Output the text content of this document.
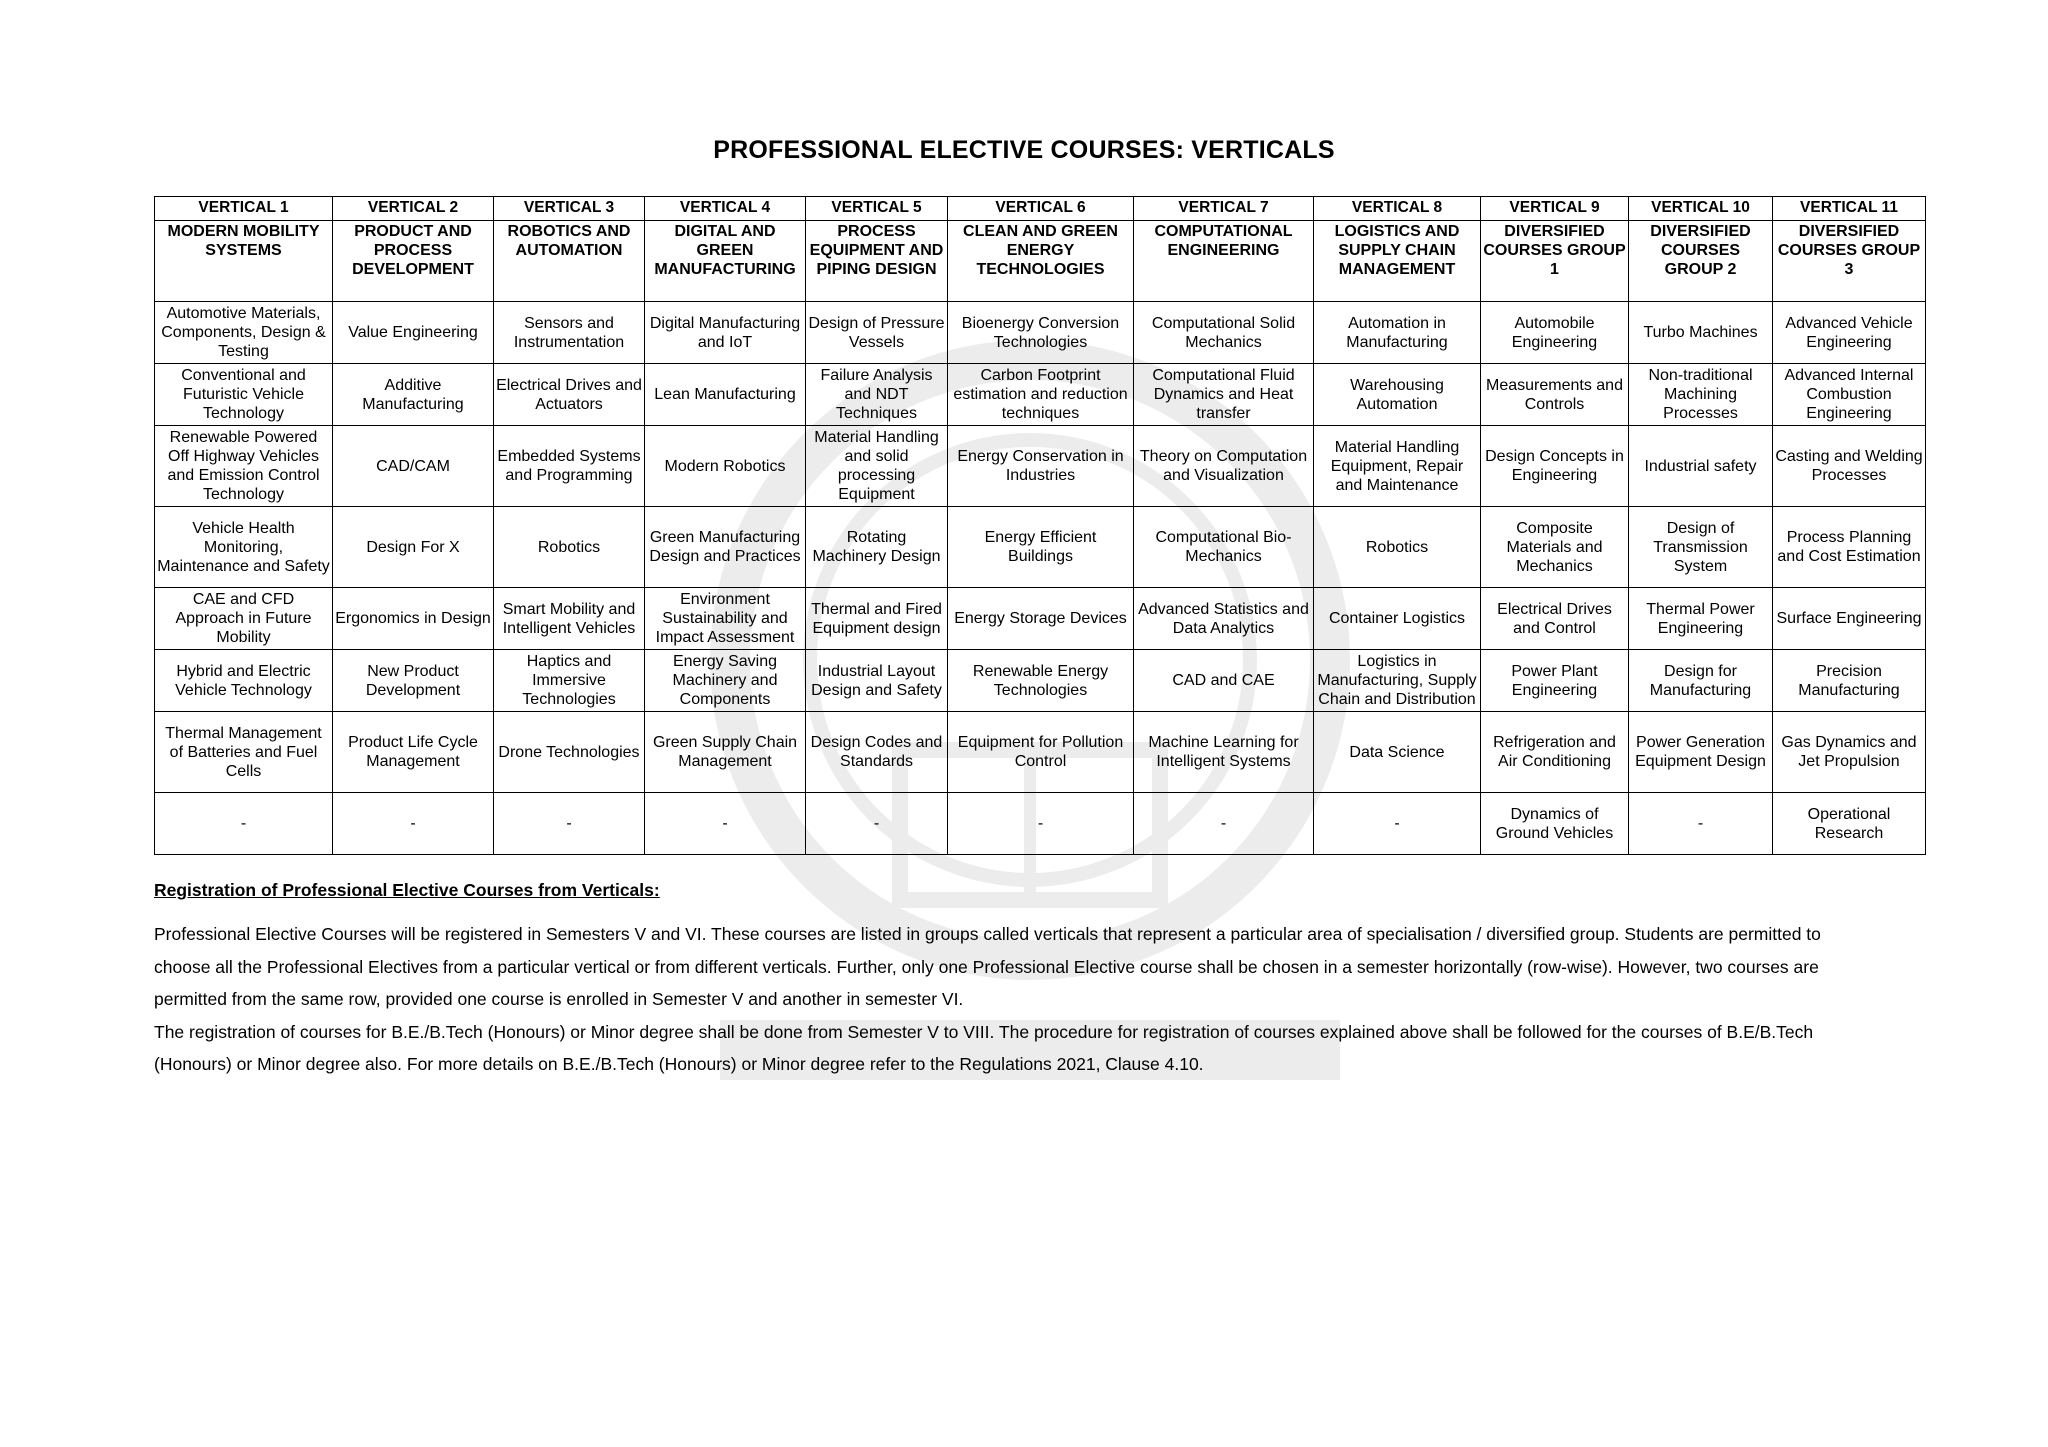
PROFESSIONAL ELECTIVE COURSES: VERTICALS
VERTICAL 1	VERTICAL 2	VERTICAL 3	VERTICAL 4	VERTICAL 5	VERTICAL 6	VERTICAL 7	VERTICAL 8	VERTICAL 9	VERTICAL 10	VERTICAL 11
MODERN MOBILITY SYSTEMS	PRODUCT AND PROCESS DEVELOPMENT	ROBOTICS AND AUTOMATION	DIGITAL AND GREEN MANUFACTURING	PROCESS EQUIPMENT AND PIPING DESIGN	CLEAN AND GREEN ENERGY TECHNOLOGIES	COMPUTATIONAL ENGINEERING	LOGISTICS AND SUPPLY CHAIN MANAGEMENT	DIVERSIFIED COURSES GROUP 1	DIVERSIFIED COURSES GROUP 2	DIVERSIFIED COURSES GROUP 3
Automotive Materials, Components, Design & Testing	Value Engineering	Sensors and Instrumentation	Digital Manufacturing and IoT	Design of Pressure Vessels	Bioenergy Conversion Technologies	Computational Solid Mechanics	Automation in Manufacturing	Automobile Engineering	Turbo Machines	Advanced Vehicle Engineering
Conventional and Futuristic Vehicle Technology	Additive Manufacturing	Electrical Drives and Actuators	Lean Manufacturing	Failure Analysis and NDT Techniques	Carbon Footprint estimation and reduction techniques	Computational Fluid Dynamics and Heat transfer	Warehousing Automation	Measurements and Controls	Non-traditional Machining Processes	Advanced Internal Combustion Engineering
Renewable Powered Off Highway Vehicles and Emission Control Technology	CAD/CAM	Embedded Systems and Programming	Modern Robotics	Material Handling and solid processing Equipment	Energy Conservation in Industries	Theory on Computation and Visualization	Material Handling Equipment, Repair and Maintenance	Design Concepts in Engineering	Industrial safety	Casting and Welding Processes
Vehicle Health Monitoring, Maintenance and Safety	Design For X	Robotics	Green Manufacturing Design and Practices	Rotating Machinery Design	Energy Efficient Buildings	Computational Bio-Mechanics	Robotics	Composite Materials and Mechanics	Design of Transmission System	Process Planning and Cost Estimation
CAE and CFD Approach in Future Mobility	Ergonomics in Design	Smart Mobility and Intelligent Vehicles	Environment Sustainability and Impact Assessment	Thermal and Fired Equipment design	Energy Storage Devices	Advanced Statistics and Data Analytics	Container Logistics	Electrical Drives and Control	Thermal Power Engineering	Surface Engineering
Hybrid and Electric Vehicle Technology	New Product Development	Haptics and Immersive Technologies	Energy Saving Machinery and Components	Industrial Layout Design and Safety	Renewable Energy Technologies	CAD and CAE	Logistics in Manufacturing, Supply Chain and Distribution	Power Plant Engineering	Design for Manufacturing	Precision Manufacturing
Thermal Management of Batteries and Fuel Cells	Product Life Cycle Management	Drone Technologies	Green Supply Chain Management	Design Codes and Standards	Equipment for Pollution Control	Machine Learning for Intelligent Systems	Data Science	Refrigeration and Air Conditioning	Power Generation Equipment Design	Gas Dynamics and Jet Propulsion
-	-	-	-	-	-	-	-	Dynamics of Ground Vehicles	-	Operational Research
Registration of Professional Elective Courses from Verticals:

Professional Elective Courses will be registered in Semesters V and VI. These courses are listed in groups called verticals that represent a particular area of specialisation / diversified group. Students are permitted to choose all the Professional Electives from a particular vertical or from different verticals. Further, only one Professional Elective course shall be chosen in a semester horizontally (row-wise). However, two courses are permitted from the same row, provided one course is enrolled in Semester V and another in semester VI.

The registration of courses for B.E./B.Tech (Honours) or Minor degree shall be done from Semester V to VIII. The procedure for registration of courses explained above shall be followed for the courses of B.E/B.Tech (Honours) or Minor degree also. For more details on B.E./B.Tech (Honours) or Minor degree refer to the Regulations 2021, Clause 4.10.
